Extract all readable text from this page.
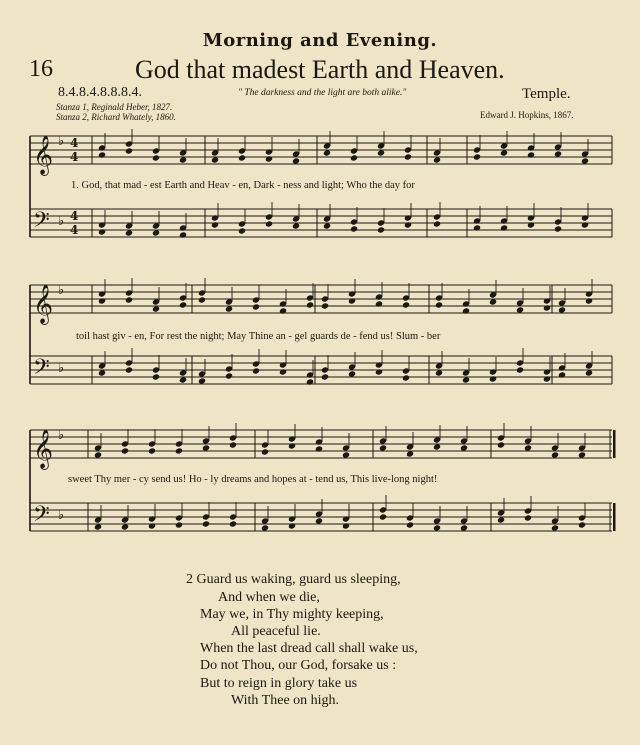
𝄞
𝄢
♭
♭
𝄞
𝄢
♭
♭
𝄞
𝄢
♭
♭
4
4
4
4
Morning and Evening.
16	God that madest Earth and Heaven.
8.4.8.4.8.8.8.4.	" The darkness and the light are both alike."	Temple.
Stanza 1, Reginald Heber, 1827.
Stanza 2, Richard Whately, 1860.	Edward J. Hopkins, 1867.
1. God, that mad - est Earth and Heav - en, Dark - ness and light; Who the day for
toil hast giv - en, For rest the night; May Thine an - gel guards de - fend us! Slum - ber
sweet Thy mer - cy send us! Ho - ly dreams and hopes at - tend us, This live-long night!
2 Guard us waking, guard us sleeping,
And when we die,
May we, in Thy mighty keeping,
All peaceful lie.
When the last dread call shall wake us,
Do not Thou, our God, forsake us :
But to reign in glory take us
With Thee on high.
